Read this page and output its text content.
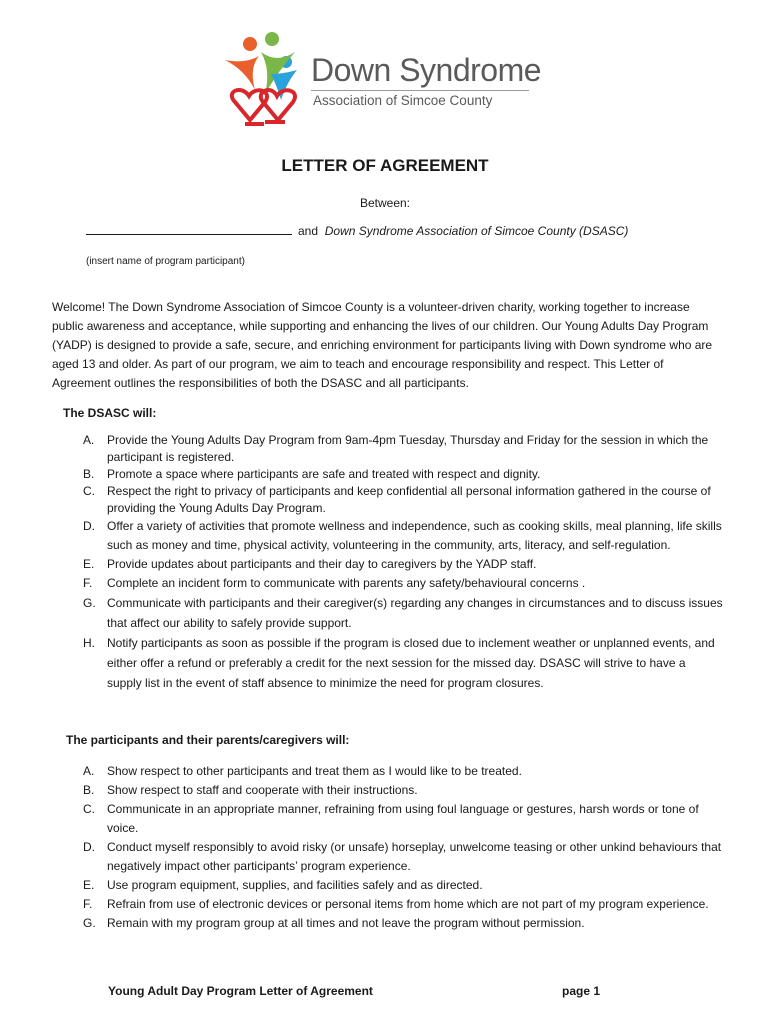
Down Syndrome
Association of Simcoe County
LETTER OF AGREEMENT
Between:
and Down Syndrome Association of Simcoe County (DSASC)
(insert name of program participant)
Welcome! The Down Syndrome Association of Simcoe County is a volunteer-driven charity, working together to increase public awareness and acceptance, while supporting and enhancing the lives of our children. Our Young Adults Day Program (YADP) is designed to provide a safe, secure, and enriching environment for participants living with Down syndrome who are aged 13 and older. As part of our program, we aim to teach and encourage responsibility and respect. This Letter of Agreement outlines the responsibilities of both the DSASC and all participants.
The DSASC will:
A. Provide the Young Adults Day Program from 9am-4pm Tuesday, Thursday and Friday for the session in which the participant is registered.
B. Promote a space where participants are safe and treated with respect and dignity.
C. Respect the right to privacy of participants and keep confidential all personal information gathered in the course of providing the Young Adults Day Program.
D. Offer a variety of activities that promote wellness and independence, such as cooking skills, meal planning, life skills such as money and time, physical activity, volunteering in the community, arts, literacy, and self-regulation.
E. Provide updates about participants and their day to caregivers by the YADP staff.
F. Complete an incident form to communicate with parents any safety/behavioural concerns .
G. Communicate with participants and their caregiver(s) regarding any changes in circumstances and to discuss issues that affect our ability to safely provide support.
H. Notify participants as soon as possible if the program is closed due to inclement weather or unplanned events, and either offer a refund or preferably a credit for the next session for the missed day. DSASC will strive to have a supply list in the event of staff absence to minimize the need for program closures.
The participants and their parents/caregivers will:
A. Show respect to other participants and treat them as I would like to be treated.
B. Show respect to staff and cooperate with their instructions.
C. Communicate in an appropriate manner, refraining from using foul language or gestures, harsh words or tone of voice.
D. Conduct myself responsibly to avoid risky (or unsafe) horseplay, unwelcome teasing or other unkind behaviours that negatively impact other participants’ program experience.
E. Use program equipment, supplies, and facilities safely and as directed.
F. Refrain from use of electronic devices or personal items from home which are not part of my program experience.
G. Remain with my program group at all times and not leave the program without permission.
Young Adult Day Program Letter of Agreement	page 1
